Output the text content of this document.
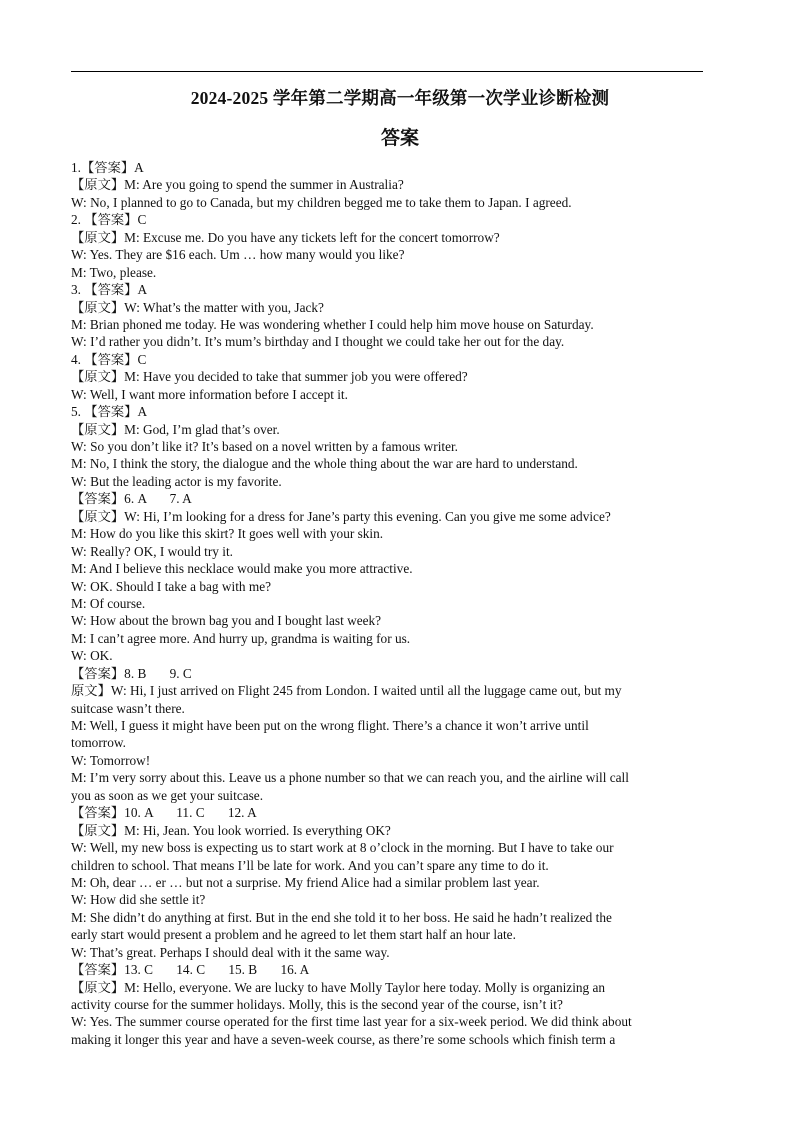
2024-2025 学年第二学期高一年级第一次学业诊断检测
答案
1.【答案】A
【原文】M: Are you going to spend the summer in Australia?
W: No, I planned to go to Canada, but my children begged me to take them to Japan. I agreed.
2. 【答案】C
【原文】M: Excuse me. Do you have any tickets left for the concert tomorrow?
W: Yes. They are $16 each. Um … how many would you like?
M: Two, please.
3. 【答案】A
【原文】W: What’s the matter with you, Jack?
M: Brian phoned me today. He was wondering whether I could help him move house on Saturday.
W: I’d rather you didn’t. It’s mum’s birthday and I thought we could take her out for the day.
4. 【答案】C
【原文】M: Have you decided to take that summer job you were offered?
W: Well, I want more information before I accept it.
5. 【答案】A
【原文】M: God, I’m glad that’s over.
W: So you don’t like it? It’s based on a novel written by a famous writer.
M: No, I think the story, the dialogue and the whole thing about the war are hard to understand.
W: But the leading actor is my favorite.
【答案】6. A       7. A
【原文】W: Hi, I’m looking for a dress for Jane’s party this evening. Can you give me some advice?
M: How do you like this skirt? It goes well with your skin.
W: Really? OK, I would try it.
M: And I believe this necklace would make you more attractive.
W: OK. Should I take a bag with me?
M: Of course.
W: How about the brown bag you and I bought last week?
M: I can’t agree more. And hurry up, grandma is waiting for us.
W: OK.
【答案】8. B       9. C
原文】W: Hi, I just arrived on Flight 245 from London. I waited until all the luggage came out, but my
suitcase wasn’t there.
M: Well, I guess it might have been put on the wrong flight. There’s a chance it won’t arrive until
tomorrow.
W: Tomorrow!
M: I’m very sorry about this. Leave us a phone number so that we can reach you, and the airline will call
you as soon as we get your suitcase.
【答案】10. A       11. C       12. A
【原文】M: Hi, Jean. You look worried. Is everything OK?
W: Well, my new boss is expecting us to start work at 8 o’clock in the morning. But I have to take our
children to school. That means I’ll be late for work. And you can’t spare any time to do it.
M: Oh, dear … er … but not a surprise. My friend Alice had a similar problem last year.
W: How did she settle it?
M: She didn’t do anything at first. But in the end she told it to her boss. He said he hadn’t realized the
early start would present a problem and he agreed to let them start half an hour late.
W: That’s great. Perhaps I should deal with it the same way.
【答案】13. C       14. C       15. B       16. A
【原文】M: Hello, everyone. We are lucky to have Molly Taylor here today. Molly is organizing an
activity course for the summer holidays. Molly, this is the second year of the course, isn’t it?
W: Yes. The summer course operated for the first time last year for a six-week period. We did think about
making it longer this year and have a seven-week course, as there’re some schools which finish term a
